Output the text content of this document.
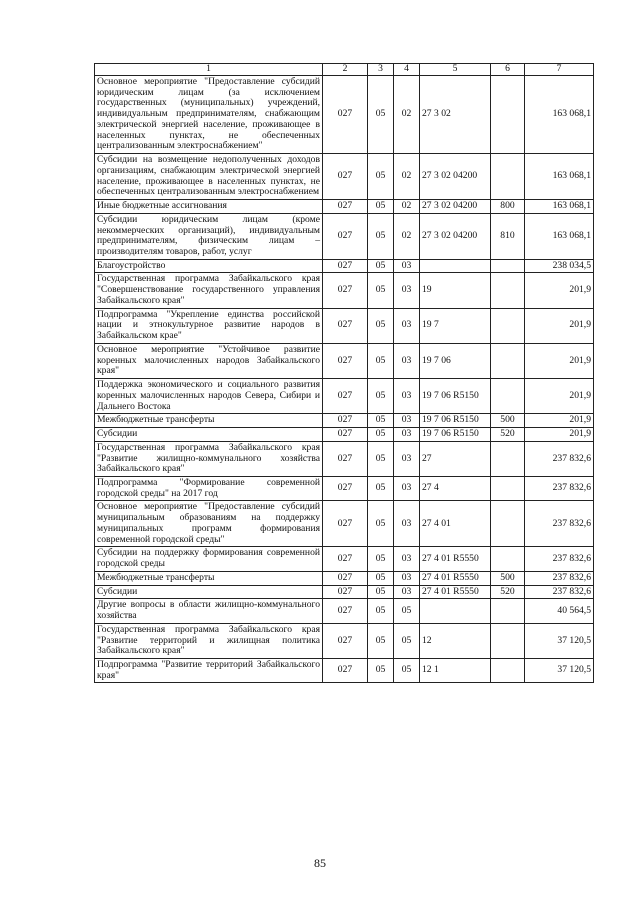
1	2	3	4	5	6	7
Основное мероприятие "Предоставление субсидий юридическим лицам (за исключением государственных (муниципальных) учреждений, индивидуальным предпринимателям, снабжающим электрической энергией население, проживающее в населенных пунктах, не обеспеченных централизованным электроснабжением"	027	05	02	27 3 02		163 068,1
Субсидии на возмещение недополученных доходов организациям, снабжающим электрической энергией население, проживающее в населенных пунктах, не обеспеченных централизованным электроснабжением	027	05	02	27 3 02 04200		163 068,1
Иные бюджетные ассигнования	027	05	02	27 3 02 04200	800	163 068,1
Субсидии юридическим лицам (кроме некоммерческих организаций), индивидуальным предпринимателям, физическим лицам – производителям товаров, работ, услуг	027	05	02	27 3 02 04200	810	163 068,1
Благоустройство	027	05	03			238 034,5
Государственная программа Забайкальского края "Совершенствование государственного управления Забайкальского края"	027	05	03	19		201,9
Подпрограмма "Укрепление единства российской нации и этнокультурное развитие народов в Забайкальском крае"	027	05	03	19 7		201,9
Основное мероприятие "Устойчивое развитие коренных малочисленных народов Забайкальского края"	027	05	03	19 7 06		201,9
Поддержка экономического и социального развития коренных малочисленных народов Севера, Сибири и Дальнего Востока	027	05	03	19 7 06 R5150		201,9
Межбюджетные трансферты	027	05	03	19 7 06 R5150	500	201,9
Субсидии	027	05	03	19 7 06 R5150	520	201,9
Государственная программа Забайкальского края "Развитие жилищно-коммунального хозяйства Забайкальского края"	027	05	03	27		237 832,6
Подпрограмма "Формирование современной городской среды" на 2017 год	027	05	03	27 4		237 832,6
Основное мероприятие "Предоставление субсидий муниципальным образованиям на поддержку муниципальных программ формирования современной городской среды"	027	05	03	27 4 01		237 832,6
Субсидии на поддержку формирования современной городской среды	027	05	03	27 4 01 R5550		237 832,6
Межбюджетные трансферты	027	05	03	27 4 01 R5550	500	237 832,6
Субсидии	027	05	03	27 4 01 R5550	520	237 832,6
Другие вопросы в области жилищно-коммунального хозяйства	027	05	05			40 564,5
Государственная программа Забайкальского края "Развитие территорий и жилищная политика Забайкальского края"	027	05	05	12		37 120,5
Подпрограмма "Развитие территорий Забайкальского края"	027	05	05	12 1		37 120,5
85
